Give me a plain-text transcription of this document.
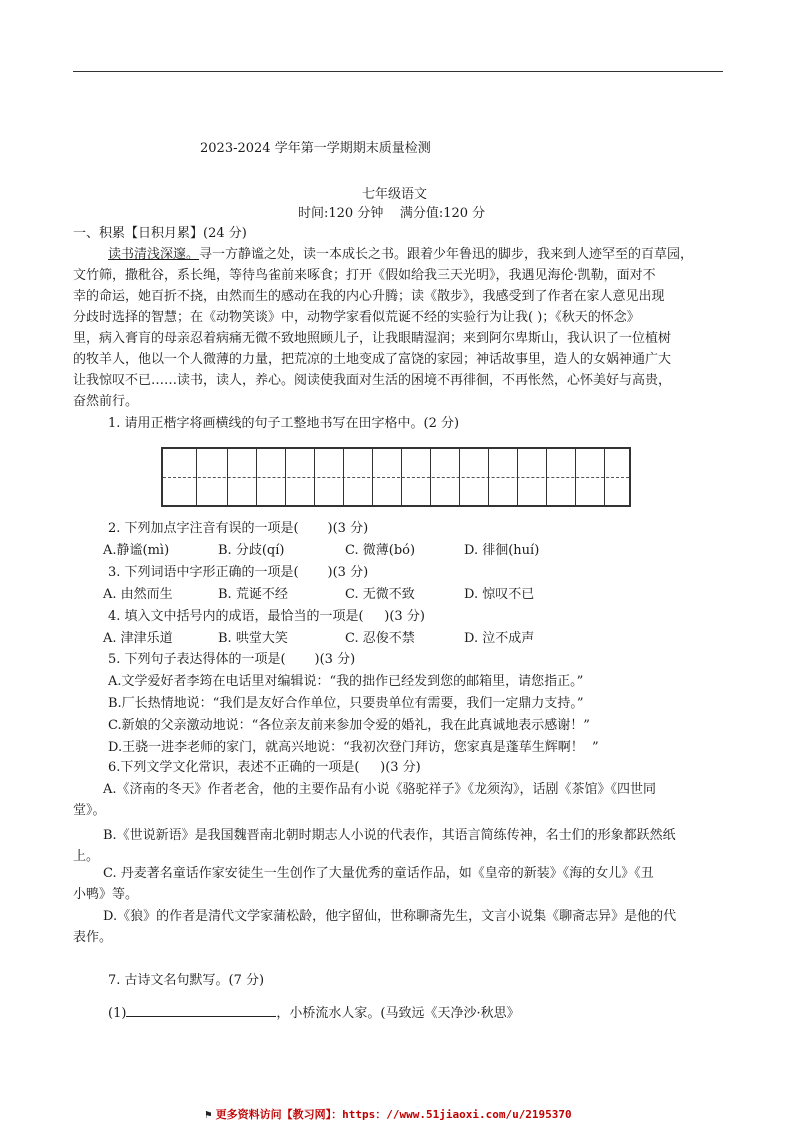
2023-2024 学年第一学期期末质量检测
七年级语文
时间:120 分钟    满分值:120 分
一、积累【日积月累】(24 分)
读书清浅深邃。寻一方静谧之处，读一本成长之书。跟着少年鲁迅的脚步，我来到人迹罕至的百草园，
文竹筛，撒秕谷，系长绳，等待鸟雀前来啄食；打开《假如给我三天光明》，我遇见海伦·凯勒，面对不
幸的命运，她百折不挠，由然而生的感动在我的内心升腾；读《散步》，我感受到了作者在家人意见出现
分歧时选择的智慧；在《动物笑谈》中，动物学家看似荒诞不经的实验行为让我( )；《秋天的怀念》
里，病入膏肓的母亲忍着病痛无微不致地照顾儿子，让我眼睛湿润；来到阿尔卑斯山，我认识了一位植树
的牧羊人，他以一个人微薄的力量，把荒凉的土地变成了富饶的家园；神话故事里，造人的女娲神通广大
让我惊叹不已……读书，读人，养心。阅读使我面对生活的困境不再徘徊，不再怅然，心怀美好与高贵，
奋然前行。
1. 请用正楷字将画横线的句子工整地书写在田字格中。(2 分)
2. 下列加点字注音有误的一项是(       )(3 分)
A.静谧(mì)	B. 分歧(qí)	C. 微薄(bó)	D. 徘徊(huí)
3. 下列词语中字形正确的一项是(       )(3 分)
A. 由然而生	B. 荒诞不经	C. 无微不致	D. 惊叹不已
4. 填入文中括号内的成语，最恰当的一项是(     )(3 分)
A. 津津乐道	B. 哄堂大笑	C. 忍俊不禁	D. 泣不成声
5. 下列句子表达得体的一项是(       )(3 分)
A.文学爱好者李筠在电话里对编辑说：“我的拙作已经发到您的邮箱里，请您指正。”
B.厂长热情地说：“我们是友好合作单位，只要贵单位有需要，我们一定鼎力支持。”
C.新娘的父亲激动地说：“各位亲友前来参加令爱的婚礼，我在此真诚地表示感谢！”
D.王骁一进李老师的家门，就高兴地说：“我初次登门拜访，您家真是蓬荜生辉啊！  ”
6.下列文学文化常识，表述不正确的一项是(     )(3 分)
A.《济南的冬天》作者老舍，他的主要作品有小说《骆驼祥子》《龙须沟》，话剧《茶馆》《四世同
堂》。
B.《世说新语》是我国魏晋南北朝时期志人小说的代表作，其语言简练传神，名士们的形象都跃然纸
上。
C. 丹麦著名童话作家安徒生一生创作了大量优秀的童话作品，如《皇帝的新装》《海的女儿》《丑
小鸭》等。
D.《狼》的作者是清代文学家蒲松龄，他字留仙，世称聊斋先生，文言小说集《聊斋志异》是他的代
表作。
7. 古诗文名句默写。(7 分)
(1)	，小桥流水人家。(马致远《天净沙·秋思》
⚑ 更多资料访问【教习网】：https：//www.51jiaoxi.com/u/2195370
